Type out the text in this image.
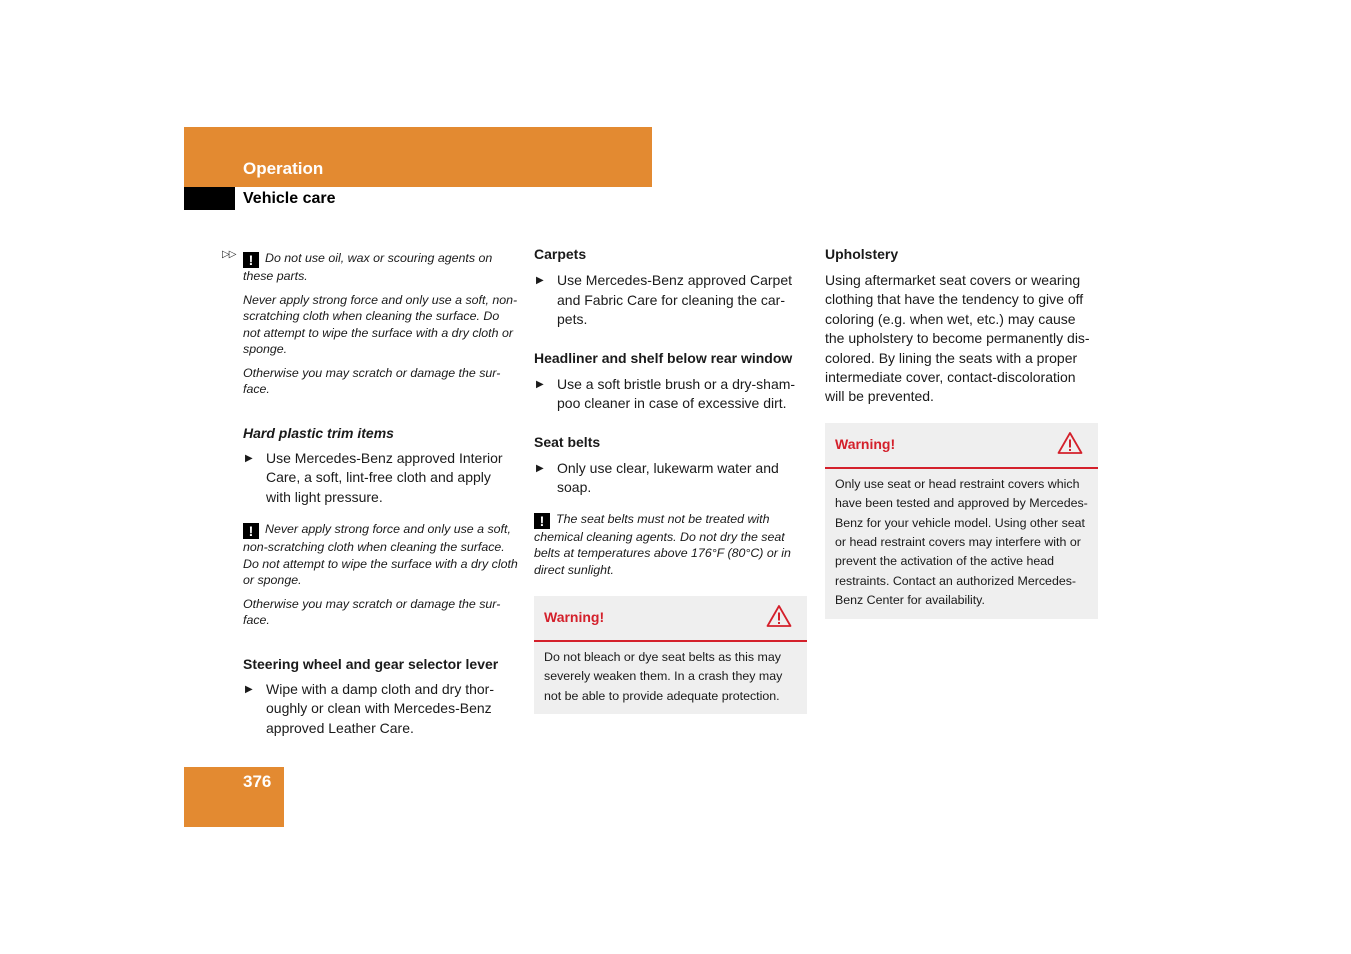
Operation
Vehicle care
▷▷ ! Do not use oil, wax or scouring agents on these parts.

Never apply strong force and only use a soft, non-scratching cloth when cleaning the surface. Do not attempt to wipe the surface with a dry cloth or sponge.

Otherwise you may scratch or damage the sur-face.

Hard plastic trim items

▶ Use Mercedes-Benz approved Interior Care, a soft, lint-free cloth and apply with light pressure.

! Never apply strong force and only use a soft, non-scratching cloth when cleaning the surface. Do not attempt to wipe the surface with a dry cloth or sponge.

Otherwise you may scratch or damage the sur-face.

Steering wheel and gear selector lever

▶ Wipe with a damp cloth and dry thor-oughly or clean with Mercedes-Benz approved Leather Care.

Carpets

▶ Use Mercedes-Benz approved Carpet and Fabric Care for cleaning the car-pets.

Headliner and shelf below rear window

▶ Use a soft bristle brush or a dry-sham-poo cleaner in case of excessive dirt.

Seat belts

▶ Only use clear, lukewarm water and soap.

! The seat belts must not be treated with chemical cleaning agents. Do not dry the seat belts at temperatures above 176°F (80°C) or in direct sunlight.

Warning!
Do not bleach or dye seat belts as this may severely weaken them. In a crash they may not be able to provide adequate protection.

Upholstery

Using aftermarket seat covers or wearing clothing that have the tendency to give off coloring (e.g. when wet, etc.) may cause the upholstery to become permanently dis-colored. By lining the seats with a proper intermediate cover, contact-discoloration will be prevented.

Warning!
Only use seat or head restraint covers which have been tested and approved by Mercedes-Benz for your vehicle model. Using other seat or head restraint covers may interfere with or prevent the activation of the active head restraints. Contact an authorized Mercedes-Benz Center for availability.
376
